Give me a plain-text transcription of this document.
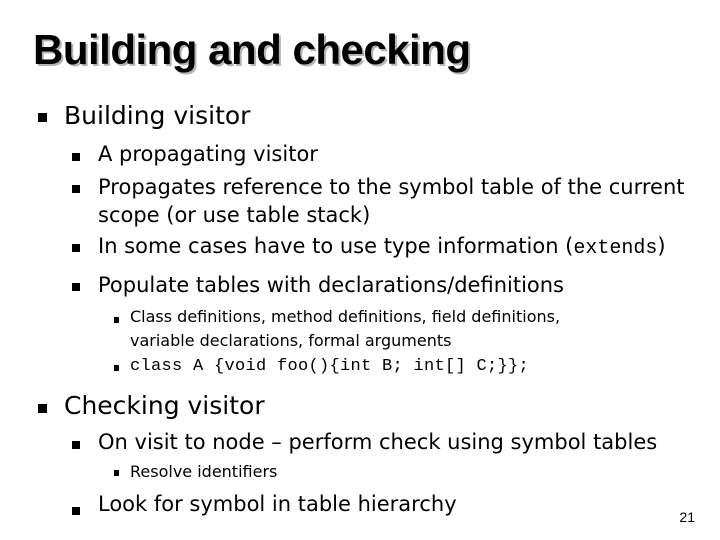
Building and checking
Building visitor
A propagating visitor
Propagates reference to the symbol table of the current
scope (or use table stack)
In some cases have to use type information (extends)
Populate tables with declarations/definitions
Class definitions, method definitions, field definitions,
variable declarations, formal arguments
class A {void foo(){int B; int[] C;}};
Checking visitor
On visit to node – perform check using symbol tables
Resolve identifiers
Look for symbol in table hierarchy
21
